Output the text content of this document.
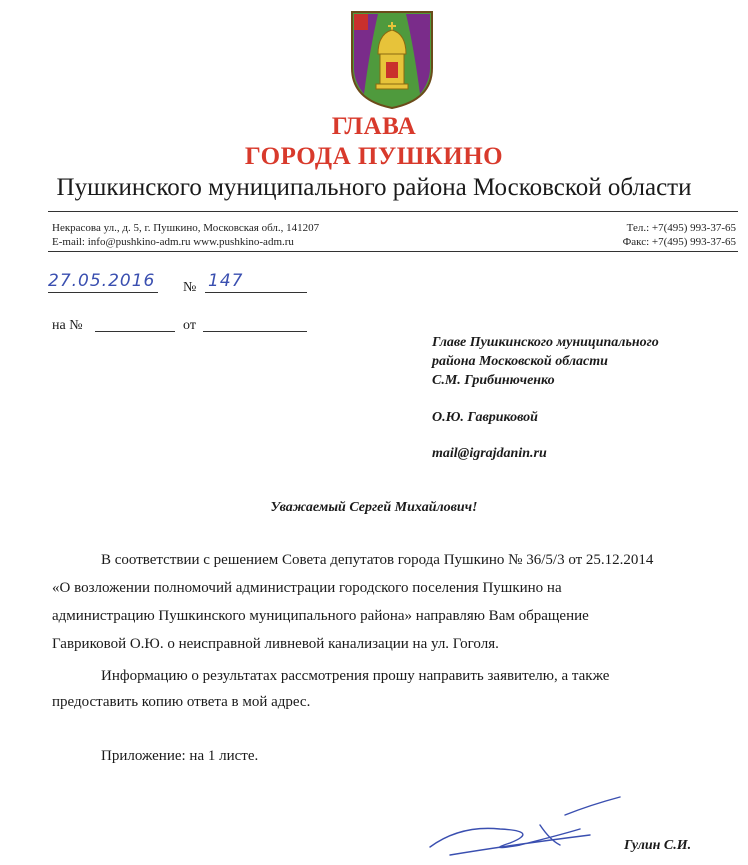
ГЛАВА
ГОРОДА ПУШКИНО
Пушкинского муниципального района Московской области
Некрасова ул., д. 5, г. Пушкино, Московская обл., 141207
E-mail: info@pushkino-adm.ru www.pushkino-adm.ru
Тел.: +7(495) 993-37-65
Факс: +7(495) 993-37-65
27.05.2016 № 147
на №	от
Главе Пушкинского муниципального
района Московской области
С.М. Грибинюченко
О.Ю. Гавриковой
mail@igrajdanin.ru
Уважаемый Сергей Михайлович!
В соответствии с решением Совета депутатов города Пушкино № 36/5/3 от 25.12.2014
«О возложении полномочий администрации городского поселения Пушкино на
администрацию Пушкинского муниципального района» направляю Вам обращение
Гавриковой О.Ю. о неисправной ливневой канализации на ул. Гоголя.
Информацию о результатах рассмотрения прошу направить заявителю, а также
предоставить копию ответа в мой адрес.
Приложение: на 1 листе.
Гулин С.И.
